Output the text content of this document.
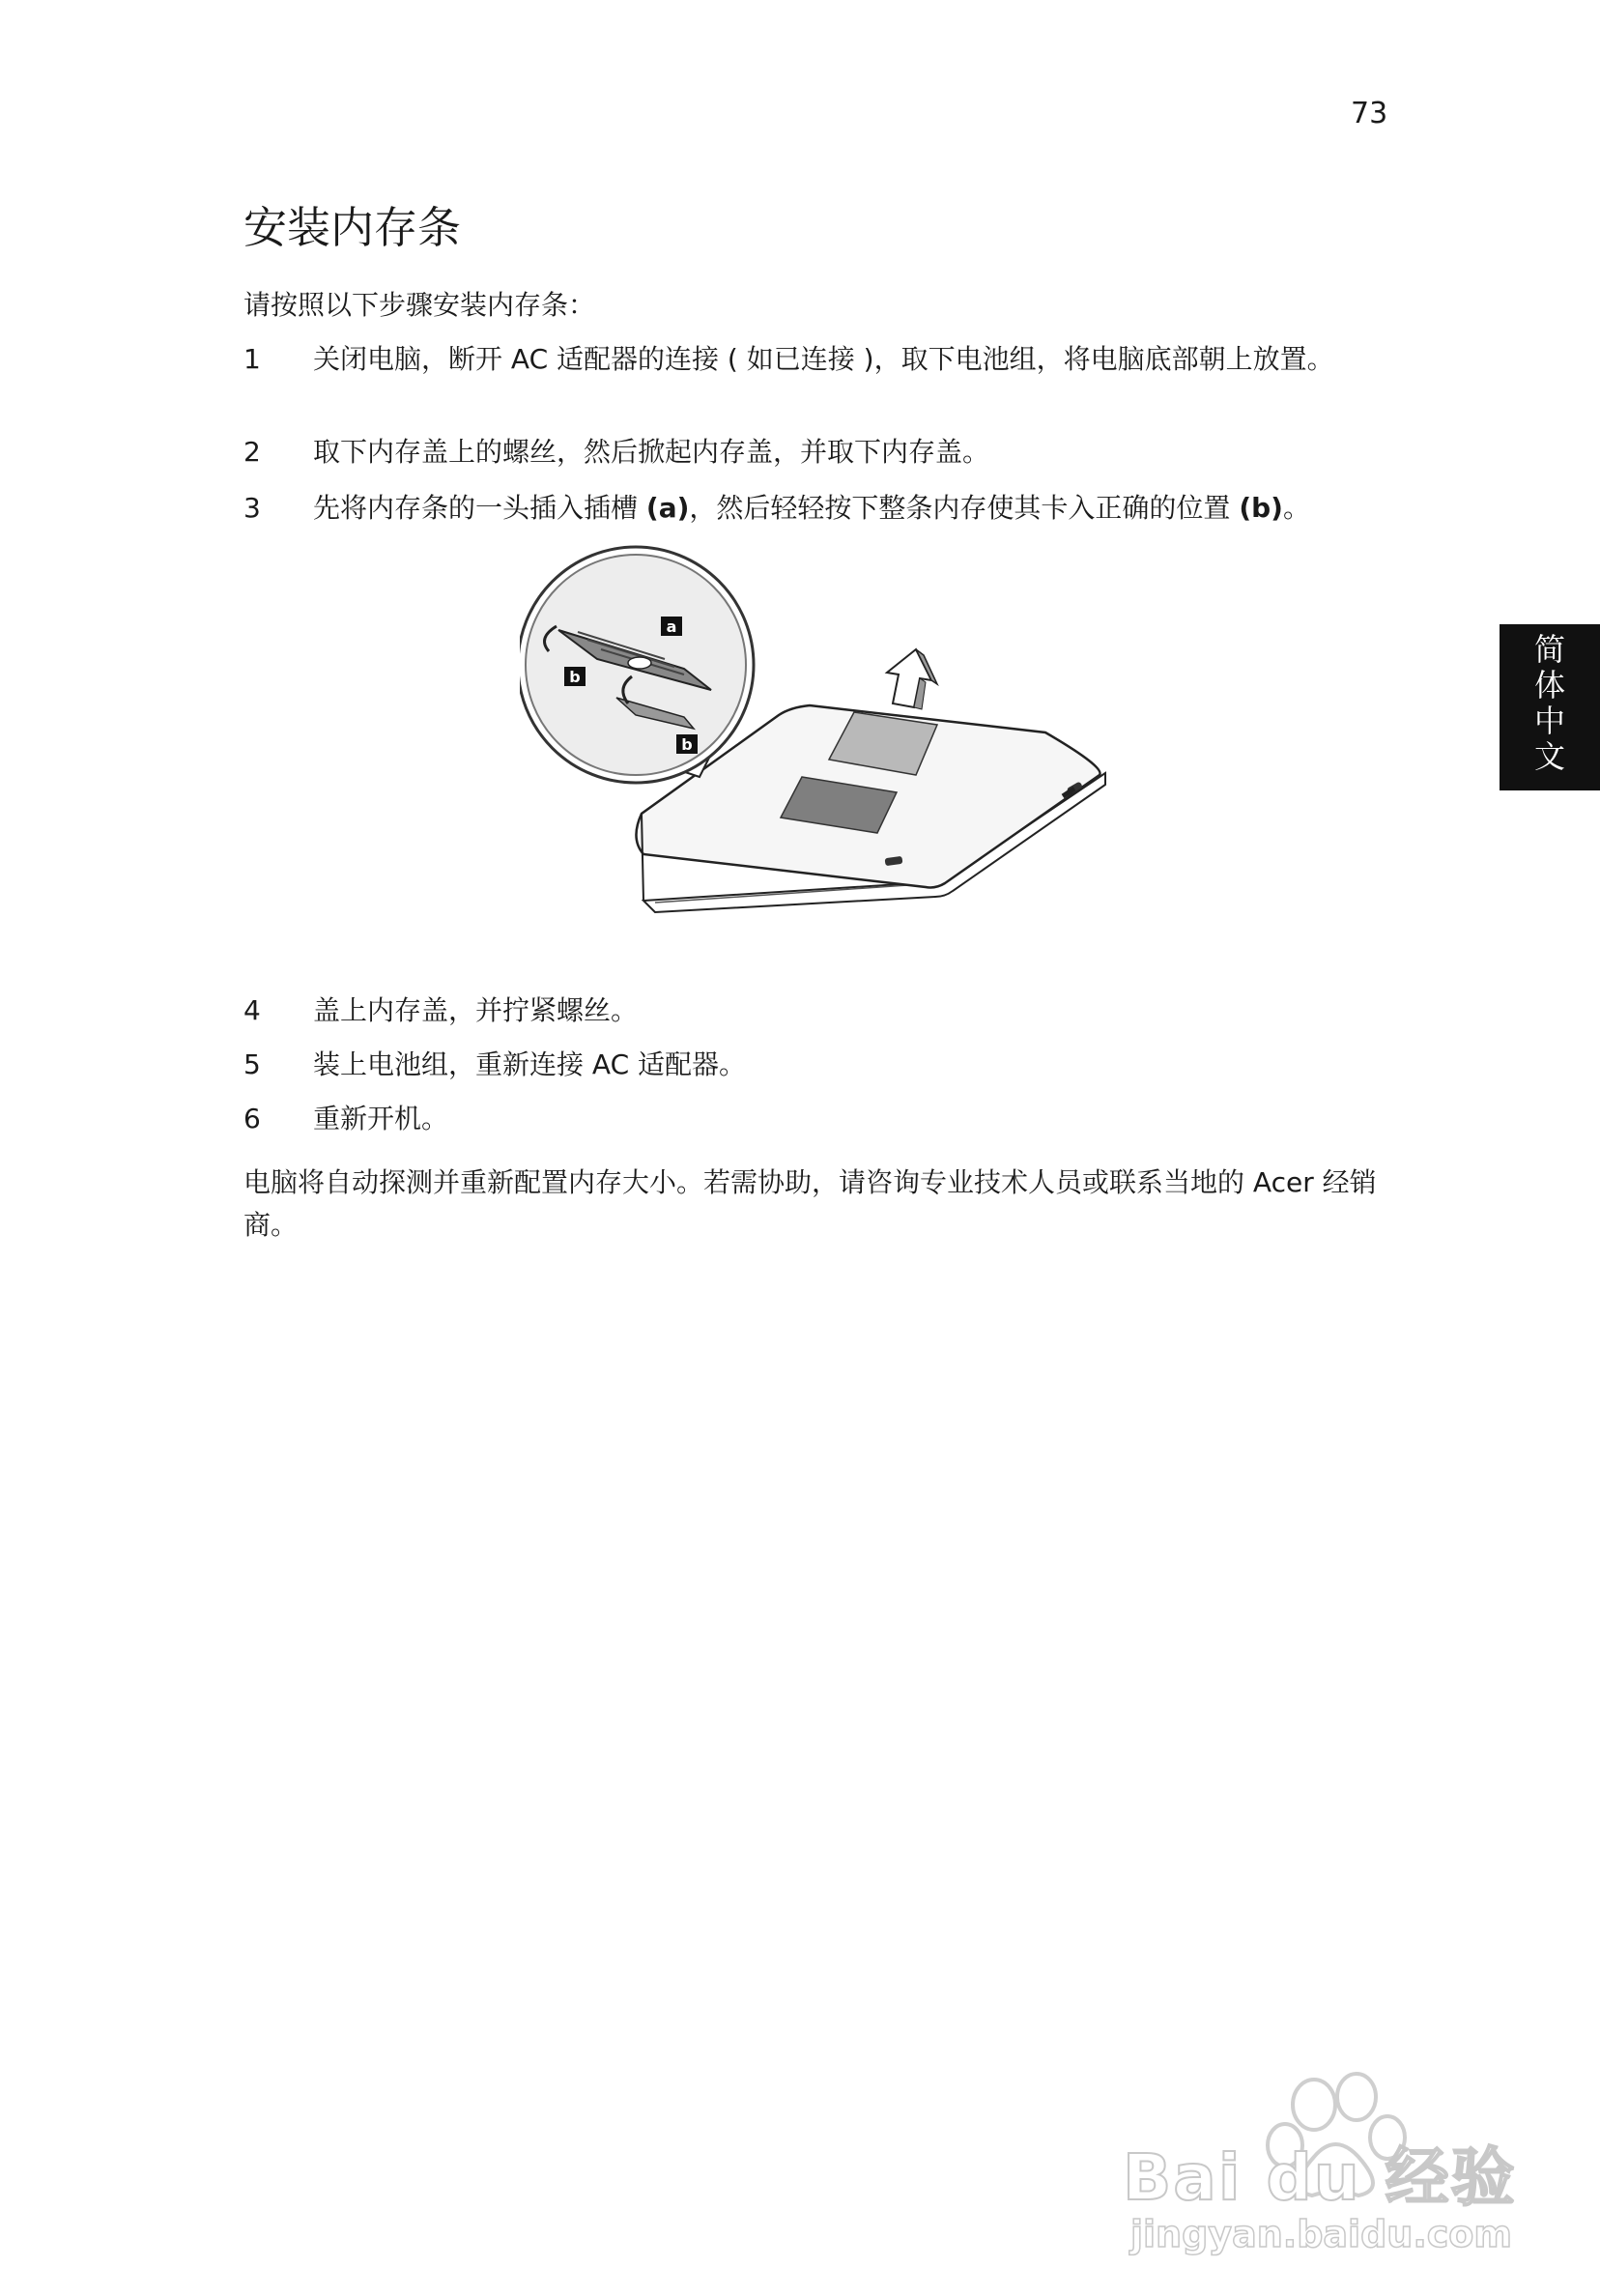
73
安装内存条
请按照以下步骤安装内存条：
1	关闭电脑，断开 AC 适配器的连接 ( 如已连接 )，取下电池组，将电脑底部朝上放置。
2	取下内存盖上的螺丝，然后掀起内存盖，并取下内存盖。
3	先将内存条的一头插入插槽 (a)，然后轻轻按下整条内存使其卡入正确的位置 (b)。
a
b
b
4	盖上内存盖，并拧紧螺丝。
5	装上电池组，重新连接 AC 适配器。
6	重新开机。
电脑将自动探测并重新配置内存大小。若需协助，请咨询专业技术人员或联系当地的 Acer 经销商。
简
体
中
文
Bai du 经验
jingyan.baidu.com
